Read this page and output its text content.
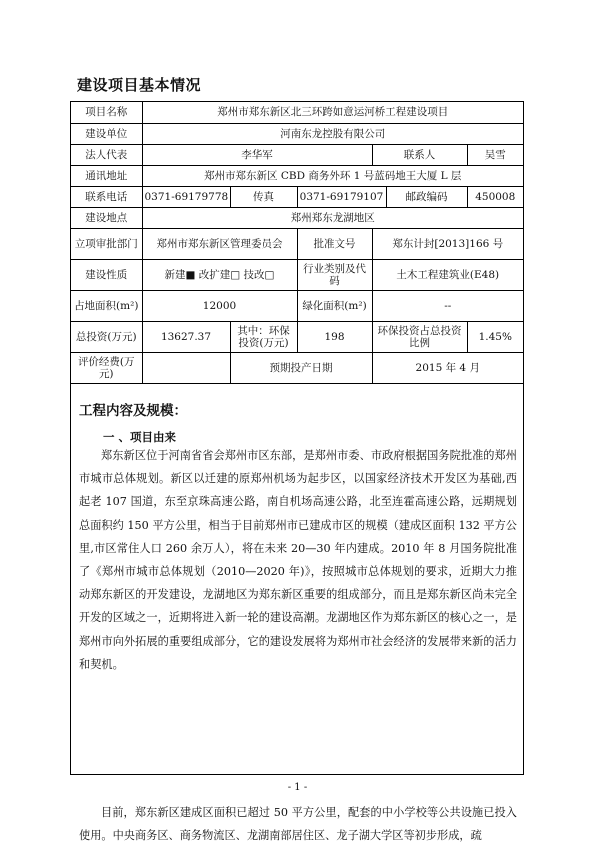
建设项目基本情况
项目名称	郑州市郑东新区北三环跨如意运河桥工程建设项目					
建设单位	河南东龙控股有限公司					
法人代表	李华军			联系人		吴雪
通讯地址	郑州市郑东新区 CBD 商务外环 1 号蓝码地王大厦 L 层					
联系电话	0371-69179778	传真	0371-69179107		邮政编码	450008
建设地点	郑州郑东龙湖地区					
立项审批部门	郑州市郑东新区管理委员会		批准文号	郑东计封[2013]166 号		
建设性质	新建■ 改扩建□ 技改□		行业类别及代码	土木工程建筑业(E48)		
占地面积(m²)	12000		绿化面积(m²)	--		
总投资(万元)	13627.37	其中：环保投资(万元)	198	环保投资占总投资比例		1.45%
评价经费(万元)		预期投产日期		2015 年 4 月		
工程内容及规模：
一 、项目由来

郑东新区位于河南省省会郑州市区东部，是郑州市委、市政府根据国务院批准的郑州市城市总体规划。新区以迁建的原郑州机场为起步区，以国家经济技术开发区为基础,西起老 107 国道，东至京珠高速公路，南自机场高速公路，北至连霍高速公路，远期规划总面积约 150 平方公里，相当于目前郑州市已建成市区的规模（建成区面积 132 平方公里,市区常住人口 260 余万人），将在未来 20—30 年内建成。2010 年 8 月国务院批准了《郑州市城市总体规划（2010—2020 年)》，按照城市总体规划的要求，近期大力推动郑东新区的开发建设，龙湖地区为郑东新区重要的组成部分，而且是郑东新区尚未完全开发的区域之一，近期将进入新一轮的建设高潮。龙湖地区作为郑东新区的核心之一，是郑州市向外拓展的重要组成部分，它的建设发展将为郑州市社会经济的发展带来新的活力和契机。

目前，郑东新区建成区面积已超过 50 平方公里，配套的中小学校等公共设施已投入使用。中央商务区、商务物流区、龙湖南部居住区、龙子湖大学区等初步形成，疏

- 1 -
